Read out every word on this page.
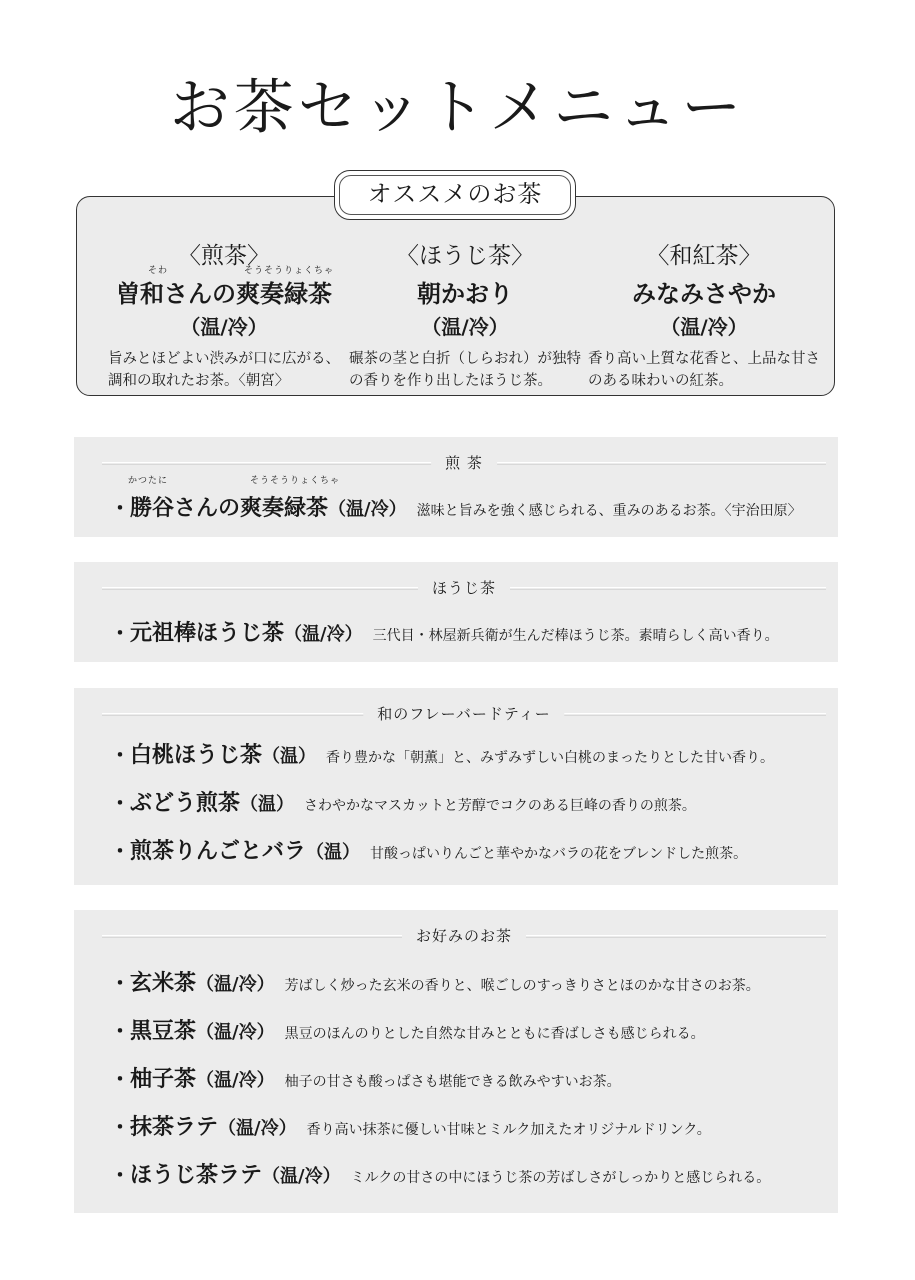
お茶セットメニュー
オススメのお茶
〈煎茶〉
そわ	そうそうりょくちゃ
曽和さんの爽奏緑茶
（温/冷）
旨みとほどよい渋みが口に広がる、調和の取れたお茶。〈朝宮〉
〈ほうじ茶〉
朝かおり
（温/冷）
碾茶の茎と白折（しらおれ）が独特の香りを作り出したほうじ茶。
〈和紅茶〉
みなみさやか
（温/冷）
香り高い上質な花香と、上品な甘さのある味わいの紅茶。
煎 茶
かつたに	そうそうりょくちゃ
・勝谷さんの爽奏緑茶（温/冷） 滋味と旨みを強く感じられる、重みのあるお茶。〈宇治田原〉
ほうじ茶
・元祖棒ほうじ茶（温/冷） 三代目・林屋新兵衛が生んだ棒ほうじ茶。素晴らしく高い香り。
和のフレーバードティー
・白桃ほうじ茶（温） 香り豊かな「朝薫」と、みずみずしい白桃のまったりとした甘い香り。
・ぶどう煎茶（温） さわやかなマスカットと芳醇でコクのある巨峰の香りの煎茶。
・煎茶りんごとバラ（温） 甘酸っぱいりんごと華やかなバラの花をブレンドした煎茶。
お好みのお茶
・玄米茶（温/冷） 芳ばしく炒った玄米の香りと、喉ごしのすっきりさとほのかな甘さのお茶。
・黒豆茶（温/冷） 黒豆のほんのりとした自然な甘みとともに香ばしさも感じられる。
・柚子茶（温/冷） 柚子の甘さも酸っぱさも堪能できる飲みやすいお茶。
・抹茶ラテ（温/冷） 香り高い抹茶に優しい甘味とミルク加えたオリジナルドリンク。
・ほうじ茶ラテ（温/冷） ミルクの甘さの中にほうじ茶の芳ばしさがしっかりと感じられる。
